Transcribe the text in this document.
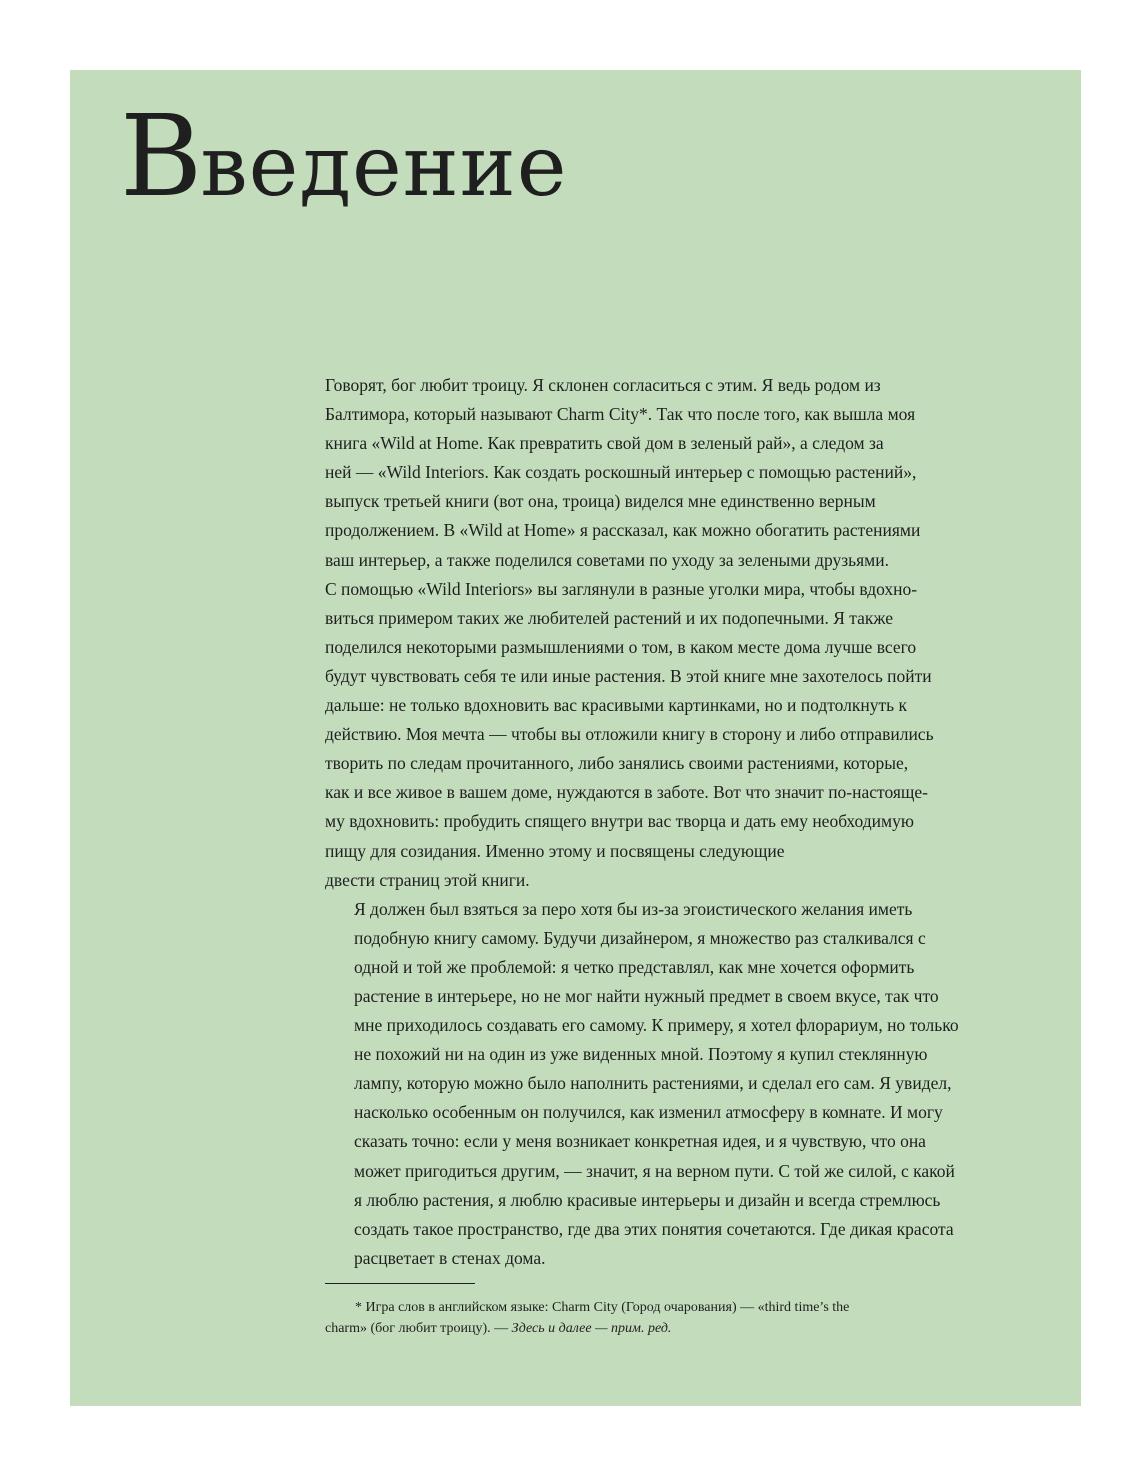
Введение

Говорят, бог любит троицу. Я склонен согласиться с этим. Я ведь родом из
Балтимора, который называют Charm City*. Так что после того, как вышла моя
книга «Wild at Home. Как превратить свой дом в зеленый рай», а следом за
ней — «Wild Interiors. Как создать роскошный интерьер с помощью растений»,
выпуск третьей книги (вот она, троица) виделся мне единственно верным
продолжением. В «Wild at Home» я рассказал, как можно обогатить растениями
ваш интерьер, а также поделился советами по уходу за зелеными друзьями.
С помощью «Wild Interiors» вы заглянули в разные уголки мира, чтобы вдохно-
виться примером таких же любителей растений и их подопечными. Я также
поделился некоторыми размышлениями о том, в каком месте дома лучше всего
будут чувствовать себя те или иные растения. В этой книге мне захотелось пойти
дальше: не только вдохновить вас красивыми картинками, но и подтолкнуть к
действию. Моя мечта — чтобы вы отложили книгу в сторону и либо отправились
творить по следам прочитанного, либо занялись своими растениями, которые,
как и все живое в вашем доме, нуждаются в заботе. Вот что значит по-настояще-
му вдохновить: пробудить спящего внутри вас творца и дать ему необходимую
пищу для созидания. Именно этому и посвящены следующие
двести страниц этой книги.

Я должен был взяться за перо хотя бы из-за эгоистического желания иметь
подобную книгу самому. Будучи дизайнером, я множество раз сталкивался с
одной и той же проблемой: я четко представлял, как мне хочется оформить
растение в интерьере, но не мог найти нужный предмет в своем вкусе, так что
мне приходилось создавать его самому. К примеру, я хотел флорариум, но только
не похожий ни на один из уже виденных мной. Поэтому я купил стеклянную
лампу, которую можно было наполнить растениями, и сделал его сам. Я увидел,
насколько особенным он получился, как изменил атмосферу в комнате. И могу
сказать точно: если у меня возникает конкретная идея, и я чувствую, что она
может пригодиться другим, — значит, я на верном пути. С той же силой, с какой
я люблю растения, я люблю красивые интерьеры и дизайн и всегда стремлюсь
создать такое пространство, где два этих понятия сочетаются. Где дикая красота
расцветает в стенах дома.

* Игра слов в английском языке: Charm City (Город очарования) — «third time’s the
charm» (бог любит троицу). — Здесь и далее — прим. ред.
